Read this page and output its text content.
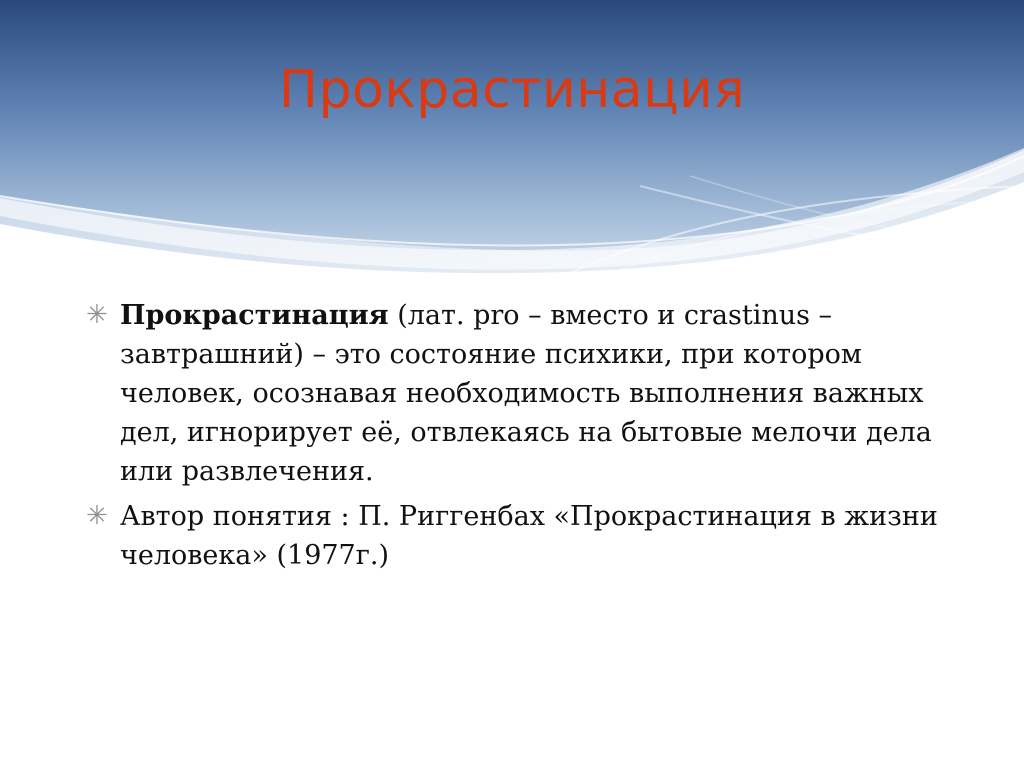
Прокрастинация
✳ Прокрастинация (лат. pro – вместо и crastinus – завтрашний) – это состояние психики, при котором человек, осознавая необходимость выполнения важных дел, игнорирует её, отвлекаясь на бытовые мелочи дела или развлечения.
✳ Автор понятия : П. Риггенбах «Прокрастинация в жизни человека» (1977г.)
